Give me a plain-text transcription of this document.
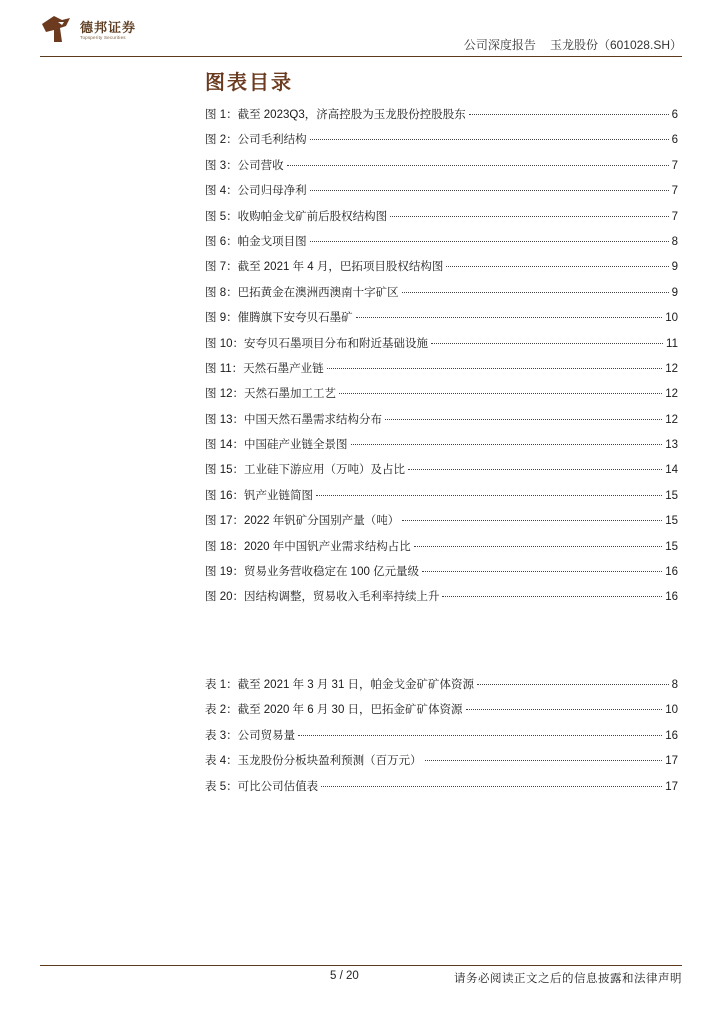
德邦证券
Topsperity Securities
公司深度报告 玉龙股份（601028.SH）
图表目录
图 1：截至 2023Q3，济高控股为玉龙股份控股股东	6
图 2：公司毛利结构	6
图 3：公司营收	7
图 4：公司归母净利	7
图 5：收购帕金戈矿前后股权结构图	7
图 6：帕金戈项目图	8
图 7：截至 2021 年 4 月，巴拓项目股权结构图	9
图 8：巴拓黄金在澳洲西澳南十字矿区	9
图 9：催腾旗下安夸贝石墨矿	10
图 10：安夸贝石墨项目分布和附近基础设施	11
图 11：天然石墨产业链	12
图 12：天然石墨加工工艺	12
图 13：中国天然石墨需求结构分布	12
图 14：中国硅产业链全景图	13
图 15：工业硅下游应用（万吨）及占比	14
图 16：钒产业链简图	15
图 17：2022 年钒矿分国别产量（吨）	15
图 18：2020 年中国钒产业需求结构占比	15
图 19：贸易业务营收稳定在 100 亿元量级	16
图 20：因结构调整，贸易收入毛利率持续上升	16
表 1：截至 2021 年 3 月 31 日，帕金戈金矿矿体资源	8
表 2：截至 2020 年 6 月 30 日，巴拓金矿矿体资源	10
表 3：公司贸易量	16
表 4：玉龙股份分板块盈利预测（百万元）	17
表 5：可比公司估值表	17
5 / 20	请务必阅读正文之后的信息披露和法律声明
